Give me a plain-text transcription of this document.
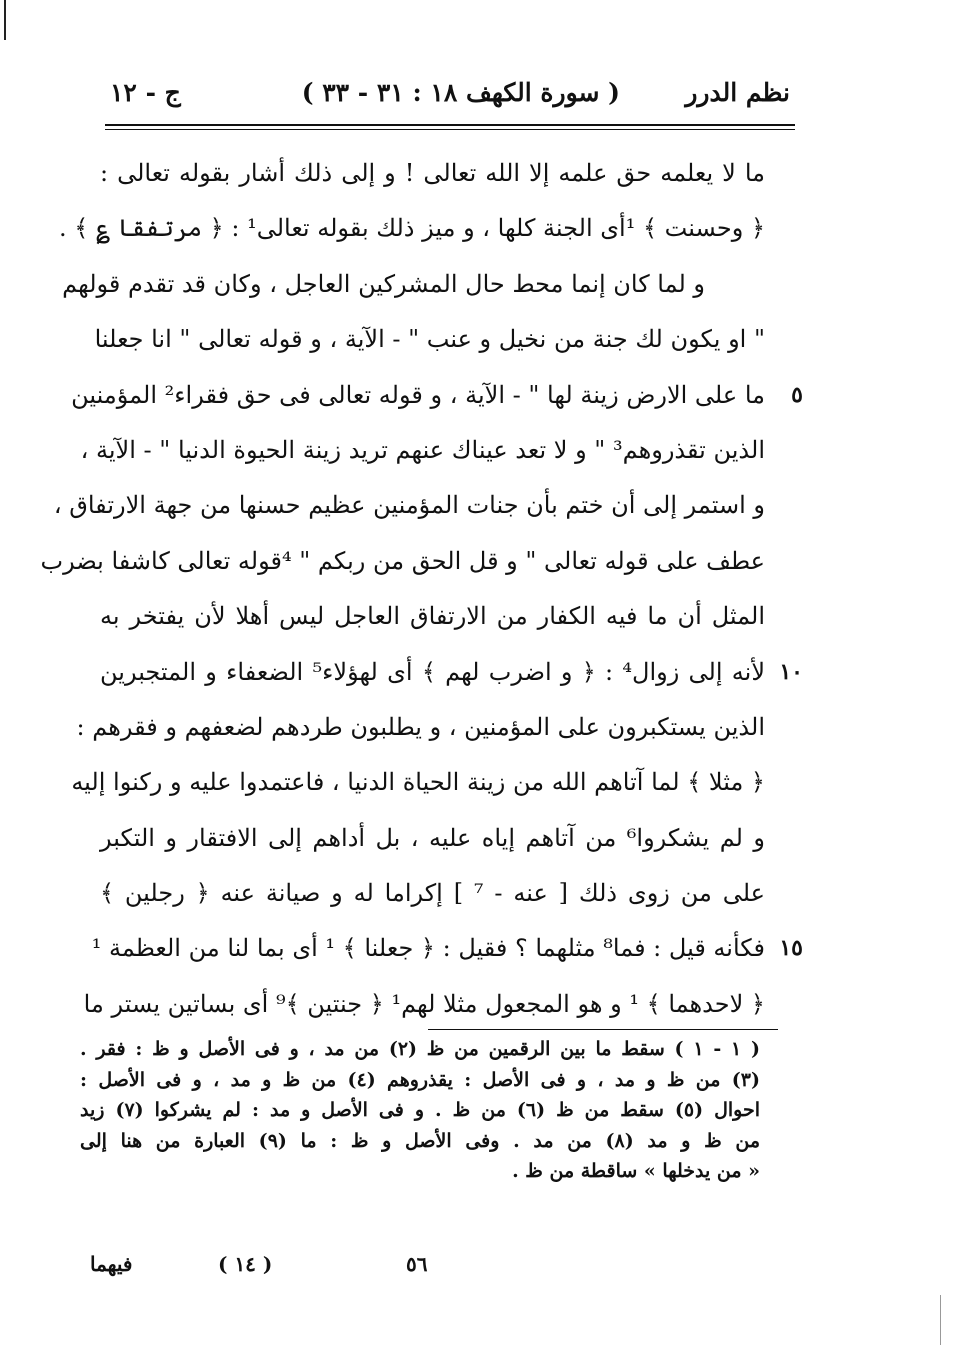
نظم الدرر
( سورة الكهف ١٨ : ٣١ - ٣٣ )
ج - ١٢
ما لا يعلمه حق علمه إلا الله تعالى ! و إلى ذلك أشار بقوله تعالى :
﴿ وحسنت ﴾ ¹أى الجنة كلها ، و ميز ذلك بقوله تعالى¹ : ﴿ مرتفقا ؏ ﴾ .
و لما كان إنما محط حال المشركين العاجل ، وكان قد تقدم قولهم
" او يكون لك جنة من نخيل و عنب " - الآية ، و قوله تعالى " انا جعلنا
٥
ما على الارض زينة لها " - الآية ، و قوله تعالى فى حق فقراء² المؤمنين
الذين تقذروهم³ " و لا تعد عيناك عنهم تريد زينة الحيوة الدنيا " - الآية ،
و استمر إلى أن ختم بأن جنات المؤمنين عظيم حسنها من جهة الارتفاق ،
عطف على قوله تعالى " و قل الحق من ربكم " ⁴قوله تعالى كاشفا بضرب
المثل أن ما فيه الكفار من الارتفاق العاجل ليس أهلا لأن يفتخر به
١٠
لأنه إلى زوال⁴ : ﴿ و اضرب لهم ﴾ أى لهؤلاء⁵ الضعفاء و المتجبرين
الذين يستكبرون على المؤمنين ، و يطلبون طردهم لضعفهم و فقرهم :
﴿ مثلا ﴾ لما آتاهم الله من زينة الحياة الدنيا ، فاعتمدوا عليه و ركنوا إليه
و لم يشكروا⁶ من آتاهم إياه عليه ، بل أداهم إلى الافتقار و التكبر
على من زوى ذلك [ عنه - ⁷ ] إكراما له و صيانة عنه ﴿ رجلين ﴾
١٥
فكأنه قيل : فما⁸ مثلهما ؟ فقيل : ﴿ جعلنا ﴾ ¹ أى بما لنا من العظمة ¹
﴿ لاحدهما ﴾ ¹ و هو المجعول مثلا لهم¹ ﴿ جنتين ﴾⁹ أى بساتين يستر ما
( ١ - ١ ) سقط ما بين الرقمين من ظ (٢) من مد ، و فى الأصل و ظ : فقر .
(٣) من ظ و مد ، و فى الأصل : يقذروهم (٤) من ظ و مد ، و فى الأصل :
احوال (٥) سقط من ظ (٦) من ظ . و فى الأصل و مد : لم يشركوا (٧) زيد
من ظ و مد (٨) من مد . وفى الأصل و ظ : ما (٩) العبارة من هنا إلى
« من يدخلها » ساقطة من ظ .
٥٦
( ١٤ )
فيهما
